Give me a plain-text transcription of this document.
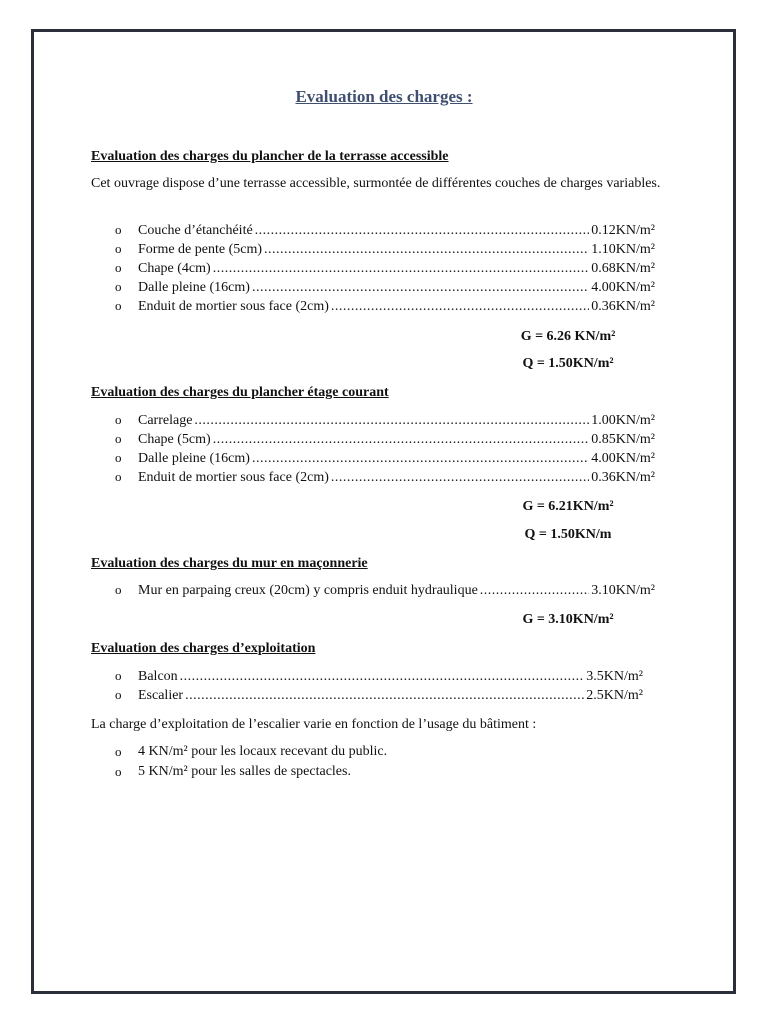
Evaluation des charges :
Evaluation des charges du plancher de la terrasse accessible
Cet ouvrage dispose d’une terrasse accessible, surmontée de différentes couches de charges variables.
o	Couche d’étanchéité . . .	0.12KN/m²
o	Forme de pente (5cm) . . .	1.10KN/m²
o	Chape (4cm) . . .	0.68KN/m²
o	Dalle pleine (16cm) . . .	4.00KN/m²
o	Enduit de mortier sous face (2cm) . . .	0.36KN/m²
G = 6.26 KN/m²
Q = 1.50KN/m²
Evaluation des charges du plancher étage courant
o	Carrelage . . .	1.00KN/m²
o	Chape (5cm) . . .	0.85KN/m²
o	Dalle pleine (16cm) . . .	4.00KN/m²
o	Enduit de mortier sous face (2cm) . . .	0.36KN/m²
G = 6.21KN/m²
Q = 1.50KN/m
Evaluation des charges du mur en maçonnerie
o	Mur en parpaing creux (20cm) y compris enduit hydraulique . . .	3.10KN/m²
G = 3.10KN/m²
Evaluation des charges d’exploitation
o	Balcon . . .	3.5KN/m²
o	Escalier . . .	2.5KN/m²
La charge d’exploitation de l’escalier varie en fonction de l’usage du bâtiment :
o	4 KN/m² pour les locaux recevant du public.
o	5 KN/m² pour les salles de spectacles.
